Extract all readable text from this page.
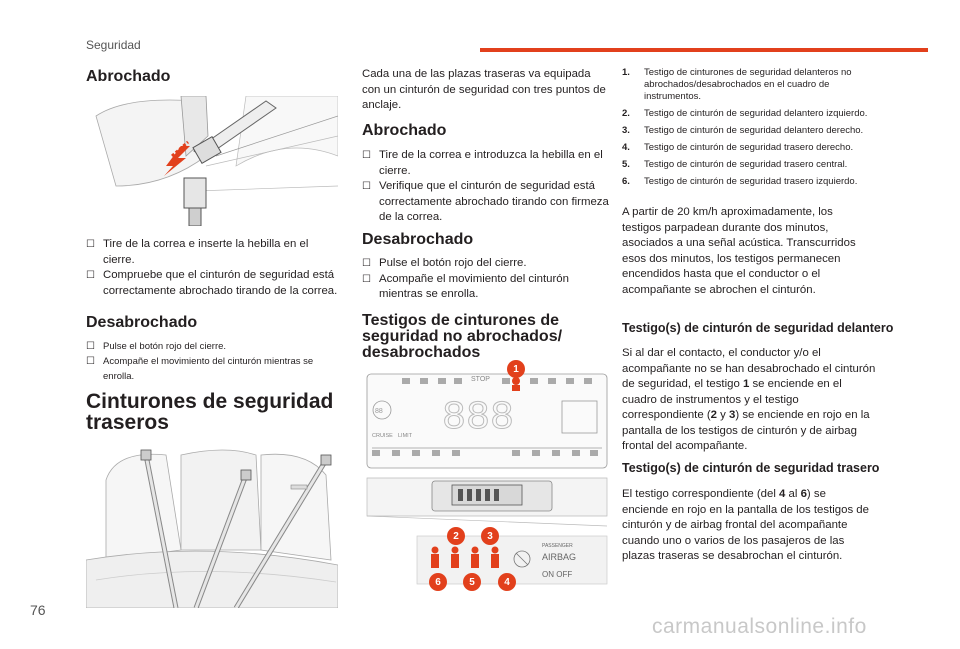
Seguridad
Abrochado
☐ Tire de la correa e inserte la hebilla en el cierre.
☐ Compruebe que el cinturón de seguridad está correctamente abrochado tirando de la correa.
Desabrochado
☐ Pulse el botón rojo del cierre.
☐ Acompañe el movimiento del cinturón mientras se enrolla.
Cinturones de seguridad
traseros
Cada una de las plazas traseras va equipada con un cinturón de seguridad con tres puntos de anclaje.
Abrochado
☐ Tire de la correa e introduzca la hebilla en el cierre.
☐ Verifique que el cinturón de seguridad está correctamente abrochado tirando con firmeza de la correa.
Desabrochado
☐ Pulse el botón rojo del cierre.
☐ Acompañe el movimiento del cinturón mientras se enrolla.
Testigos de cinturones de
seguridad no abrochados/
desabrochados
88 888
STOP
CRUISE LIMIT
PASSENGER
AIRBAG
ON OFF
1
2	3
4
5
6
1. Testigo de cinturones de seguridad delanteros no abrochados/desabrochados en el cuadro de instrumentos.
2. Testigo de cinturón de seguridad delantero izquierdo.
3. Testigo de cinturón de seguridad delantero derecho.
4. Testigo de cinturón de seguridad trasero derecho.
5. Testigo de cinturón de seguridad trasero central.
6. Testigo de cinturón de seguridad trasero izquierdo.
A partir de 20 km/h aproximadamente, los testigos parpadean durante dos minutos, asociados a una señal acústica. Transcurridos esos dos minutos, los testigos permanecen encendidos hasta que el conductor o el acompañante se abrochen el cinturón.
Testigo(s) de cinturón de seguridad delantero
Si al dar el contacto, el conductor y/o el acompañante no se han desabrochado el cinturón de seguridad, el testigo 1 se enciende en el cuadro de instrumentos y el testigo correspondiente (2 y 3) se enciende en rojo en la pantalla de los testigos de cinturón y de airbag frontal del acompañante.
Testigo(s) de cinturón de seguridad trasero
El testigo correspondiente (del 4 al 6) se enciende en rojo en la pantalla de los testigos de cinturón y de airbag frontal del acompañante cuando uno o varios de los pasajeros de las plazas traseras se desabrochan el cinturón.
76
carmanualsonline.info
